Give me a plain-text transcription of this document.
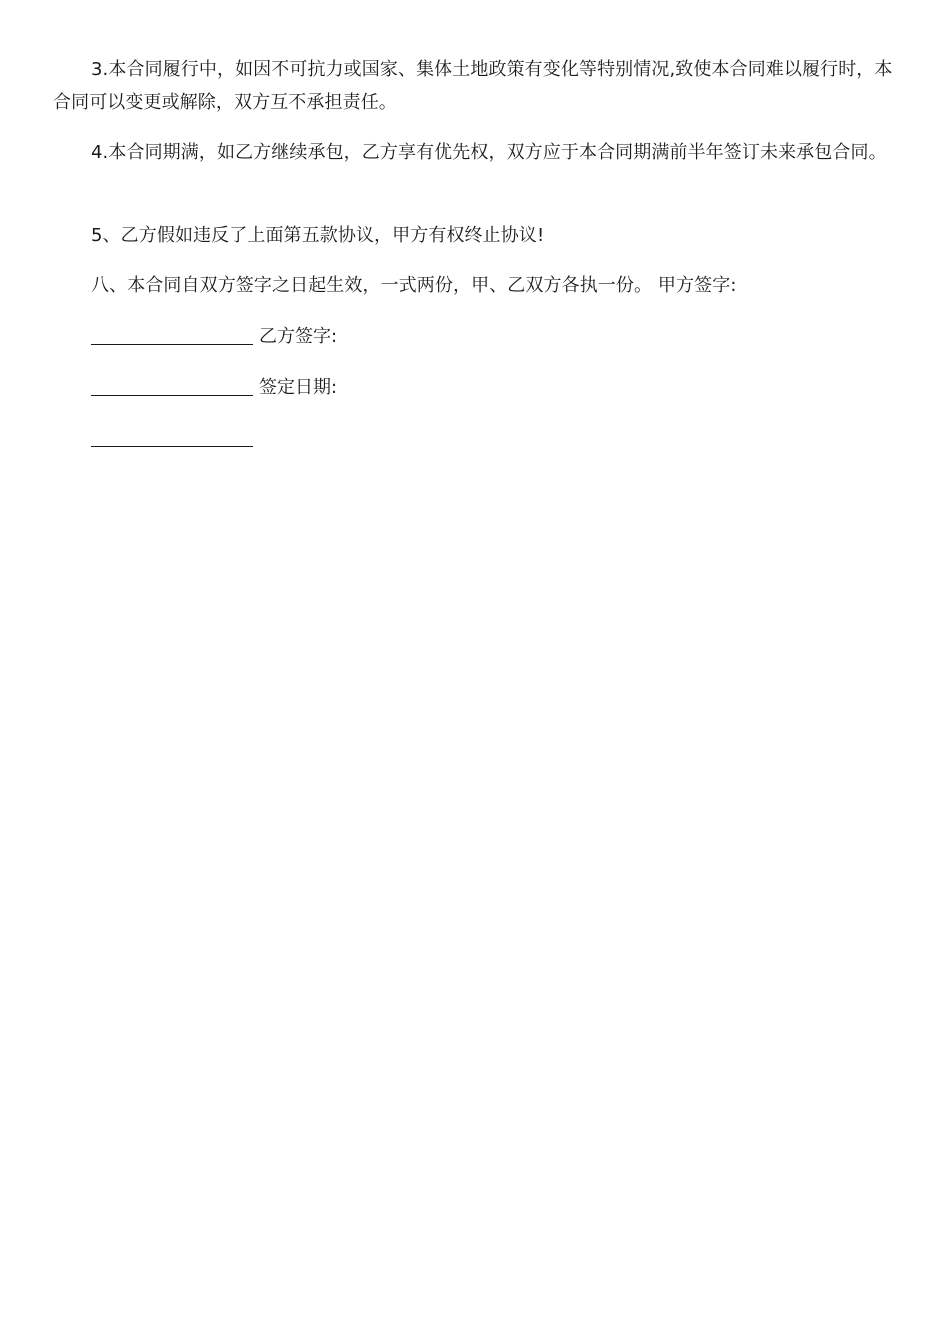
3.本合同履行中，如因不可抗力或国家、集体土地政策有变化等特别情况,致使本合同难以履行时，本合同可以变更或解除，双方互不承担责任。

4.本合同期满，如乙方继续承包，乙方享有优先权，双方应于本合同期满前半年签订未来承包合同。

5、乙方假如违反了上面第五款协议，甲方有权终止协议!

八、本合同自双方签字之日起生效，一式两份，甲、乙双方各执一份。 甲方签字:

乙方签字:
签定日期:
